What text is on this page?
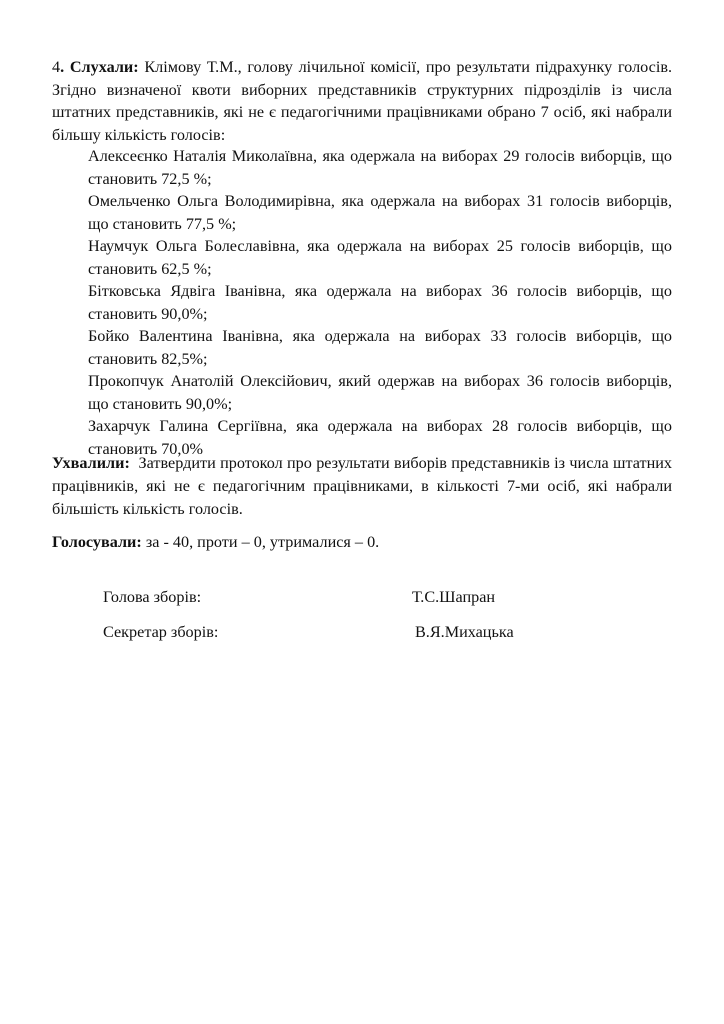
4. Слухали: Клімову Т.М., голову лічильної комісії, про результати підрахунку голосів. Згідно визначеної квоти виборних представників структурних підрозділів із числа штатних представників, які не є педагогічними працівниками обрано 7 осіб, які набрали більшу кількість голосів:
Алексеєнко Наталія Миколаївна, яка одержала на виборах 29 голосів виборців, що становить 72,5 %;
Омельченко Ольга Володимирівна, яка одержала на виборах 31 голосів виборців, що становить 77,5 %;
Наумчук Ольга Болеславівна, яка одержала на виборах 25 голосів виборців, що становить 62,5 %;
Бітковська Ядвіга Іванівна, яка одержала на виборах 36 голосів виборців, що становить 90,0%;
Бойко Валентина Іванівна, яка одержала на виборах 33 голосів виборців, що становить 82,5%;
Прокопчук Анатолій Олексійович, який одержав на виборах 36 голосів виборців, що становить 90,0%;
Захарчук Галина Сергіївна, яка одержала на виборах 28 голосів виборців, що становить 70,0%
Ухвалили: Затвердити протокол про результати виборів представників із числа штатних працівників, які не є педагогічним працівниками, в кількості 7-ми осіб, які набрали більшість кількість голосів.
Голосували: за - 40, проти – 0, утрималися – 0.
Голова зборів:	Т.С.Шапран
Секретар зборів:	В.Я.Михацька
